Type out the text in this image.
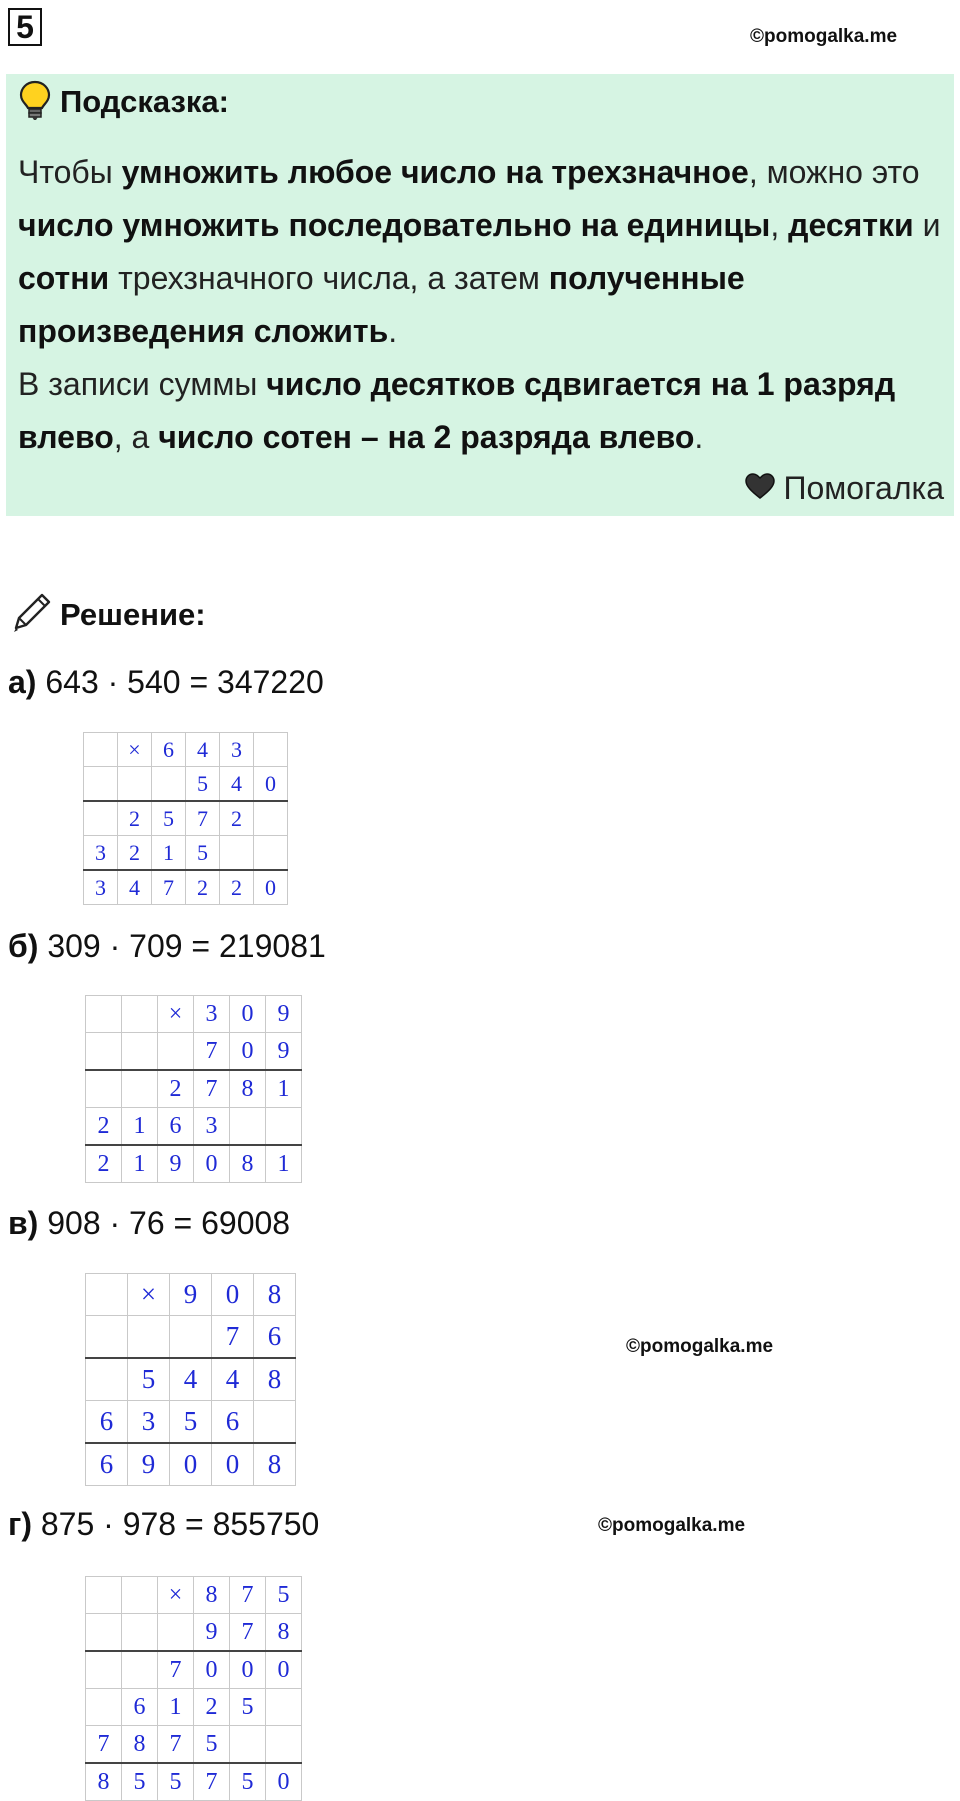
5	©pomogalka.me
Подсказка:
Чтобы умножить любое число на трехзначное, можно это число умножить последовательно на единицы, десятки и сотни трехзначного числа, а затем полученные произведения сложить.
В записи суммы число десятков сдвигается на 1 разряд влево, а число сотен – на 2 разряда влево.
Помогалка
Решение:
а) 643 · 540 = 347220
	×	6	4	3	
			5	4	0
	2	5	7	2	
3	2	1	5		
3	4	7	2	2	0
б) 309 · 709 = 219081
		×	3	0	9
			7	0	9
		2	7	8	1
2	1	6	3		
2	1	9	0	8	1
в) 908 · 76 = 69008
	×	9	0	8
			7	6
	5	4	4	8
6	3	5	6	
6	9	0	0	8
©pomogalka.me
г) 875 · 978 = 855750	©pomogalka.me
		×	8	7	5
			9	7	8
		7	0	0	0
	6	1	2	5	
7	8	7	5		
8	5	5	7	5	0
